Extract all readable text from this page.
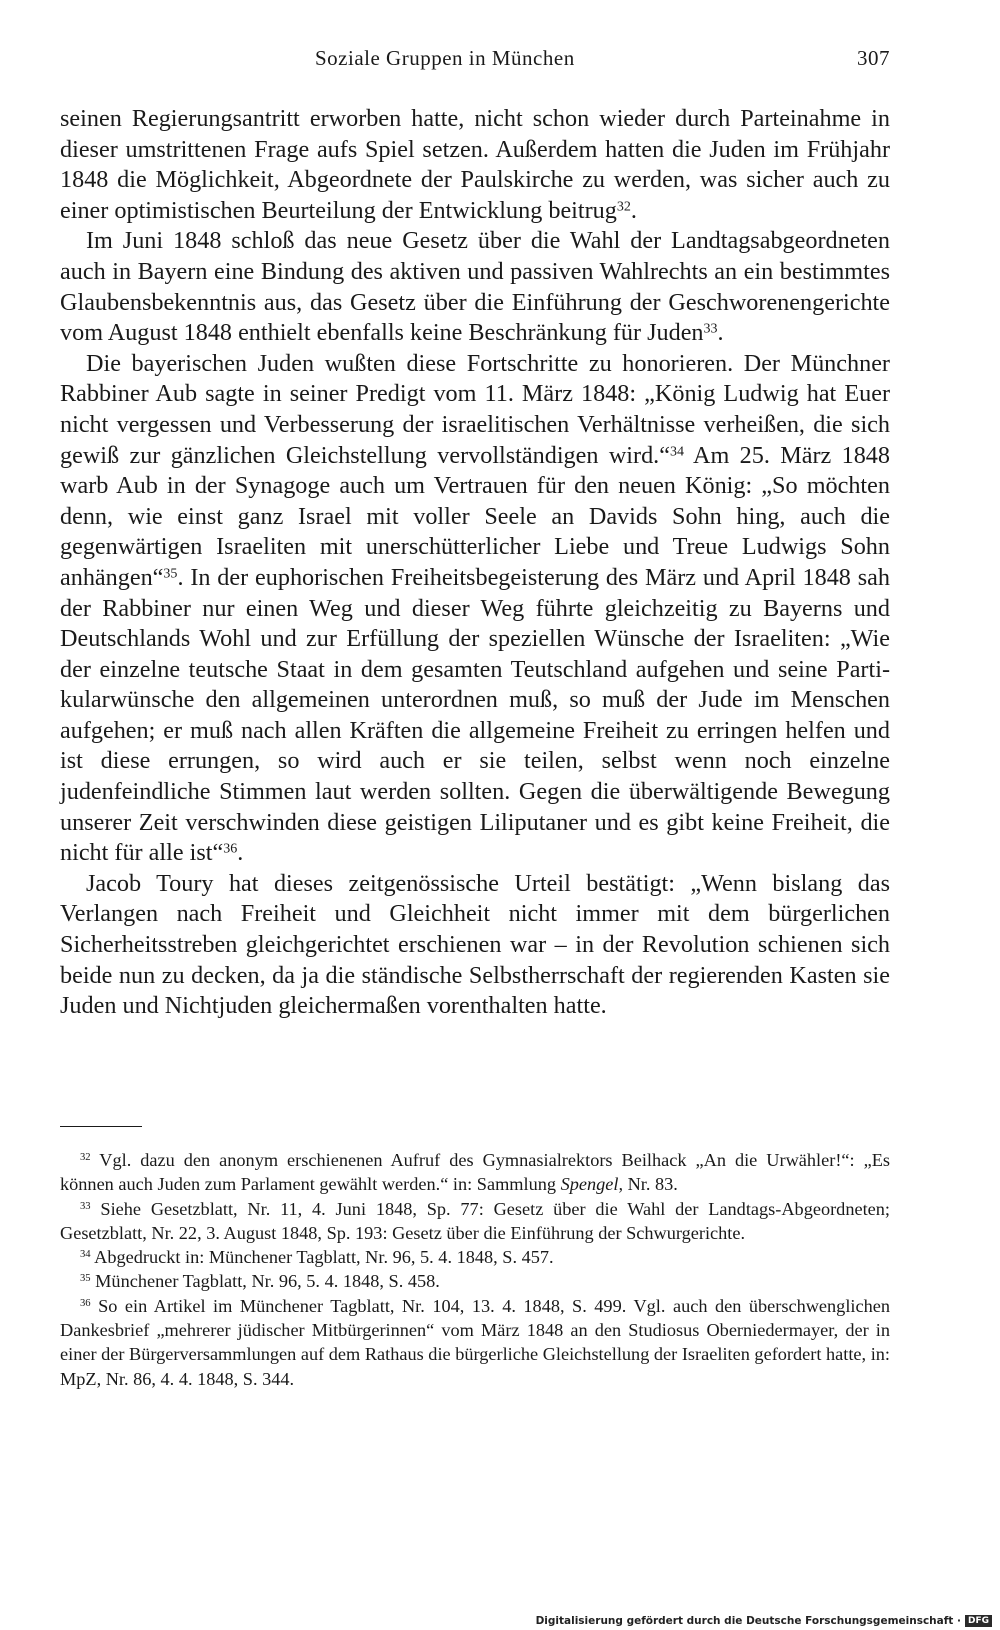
Soziale Gruppen in München	307

seinen Regierungsantritt erworben hatte, nicht schon wieder durch Parteinahme in dieser umstrittenen Frage aufs Spiel setzen. Außerdem hatten die Juden im Frühjahr 1848 die Möglichkeit, Abgeordnete der Paulskirche zu werden, was sicher auch zu einer optimistischen Beurteilung der Entwicklung beitrug$^{32}$.

Im Juni 1848 schloß das neue Gesetz über die Wahl der Landtagsabgeordneten auch in Bayern eine Bindung des aktiven und passiven Wahlrechts an ein bestimmtes Glaubensbekenntnis aus, das Gesetz über die Einführung der Geschworenengerichte vom August 1848 enthielt ebenfalls keine Beschränkung für Juden$^{33}$.

Die bayerischen Juden wußten diese Fortschritte zu honorieren. Der Münchner Rabbiner Aub sagte in seiner Predigt vom 11. März 1848: „König Ludwig hat Euer nicht vergessen und Verbesserung der israelitischen Verhältnisse verheißen, die sich gewiß zur gänzlichen Gleichstellung vervollständigen wird.“$^{34}$ Am 25. März 1848 warb Aub in der Synagoge auch um Vertrauen für den neuen König: „So möchten denn, wie einst ganz Israel mit voller Seele an Davids Sohn hing, auch die gegenwärtigen Israeliten mit unerschütterlicher Liebe und Treue Ludwigs Sohn anhängen“$^{35}$. In der euphorischen Freiheitsbegeisterung des März und April 1848 sah der Rabbiner nur einen Weg und dieser Weg führte gleichzeitig zu Bayerns und Deutschlands Wohl und zur Erfüllung der speziellen Wünsche der Israeliten: „Wie der einzelne teutsche Staat in dem gesamten Teutschland aufgehen und seine Partikularwünsche den allgemeinen unterordnen muß, so muß der Jude im Menschen aufgehen; er muß nach allen Kräften die allgemeine Freiheit zu erringen helfen und ist diese errungen, so wird auch er sie teilen, selbst wenn noch einzelne judenfeindliche Stimmen laut werden sollten. Gegen die überwältigende Bewegung unserer Zeit verschwinden diese geistigen Liliputaner und es gibt keine Freiheit, die nicht für alle ist“$^{36}$.

Jacob Toury hat dieses zeitgenössische Urteil bestätigt: „Wenn bislang das Verlangen nach Freiheit und Gleichheit nicht immer mit dem bürgerlichen Sicherheitsstreben gleichgerichtet erschienen war – in der Revolution schienen sich beide nun zu decken, da ja die ständische Selbstherrschaft der regierenden Kasten sie Juden und Nichtjuden gleichermaßen vorenthalten hatte.

$^{32}$ Vgl. dazu den anonym erschienenen Aufruf des Gymnasialrektors Beilhack „An die Urwähler!“: „Es können auch Juden zum Parlament gewählt werden.“ in: Sammlung Spengel, Nr. 83.

$^{33}$ Siehe Gesetzblatt, Nr. 11, 4. Juni 1848, Sp. 77: Gesetz über die Wahl der Landtags-Abgeordneten; Gesetzblatt, Nr. 22, 3. August 1848, Sp. 193: Gesetz über die Einführung der Schwurgerichte.

$^{34}$ Abgedruckt in: Münchener Tagblatt, Nr. 96, 5. 4. 1848, S. 457.

$^{35}$ Münchener Tagblatt, Nr. 96, 5. 4. 1848, S. 458.

$^{36}$ So ein Artikel im Münchener Tagblatt, Nr. 104, 13. 4. 1848, S. 499. Vgl. auch den überschwenglichen Dankesbrief „mehrerer jüdischer Mitbürgerinnen“ vom März 1848 an den Studiosus Oberniedermayer, der in einer der Bürgerversammlungen auf dem Rathaus die bürgerliche Gleichstellung der Israeliten gefordert hatte, in: MpZ, Nr. 86, 4. 4. 1848, S. 344.

Digitalisierung gefördert durch die Deutsche Forschungsgemeinschaft · DFG
